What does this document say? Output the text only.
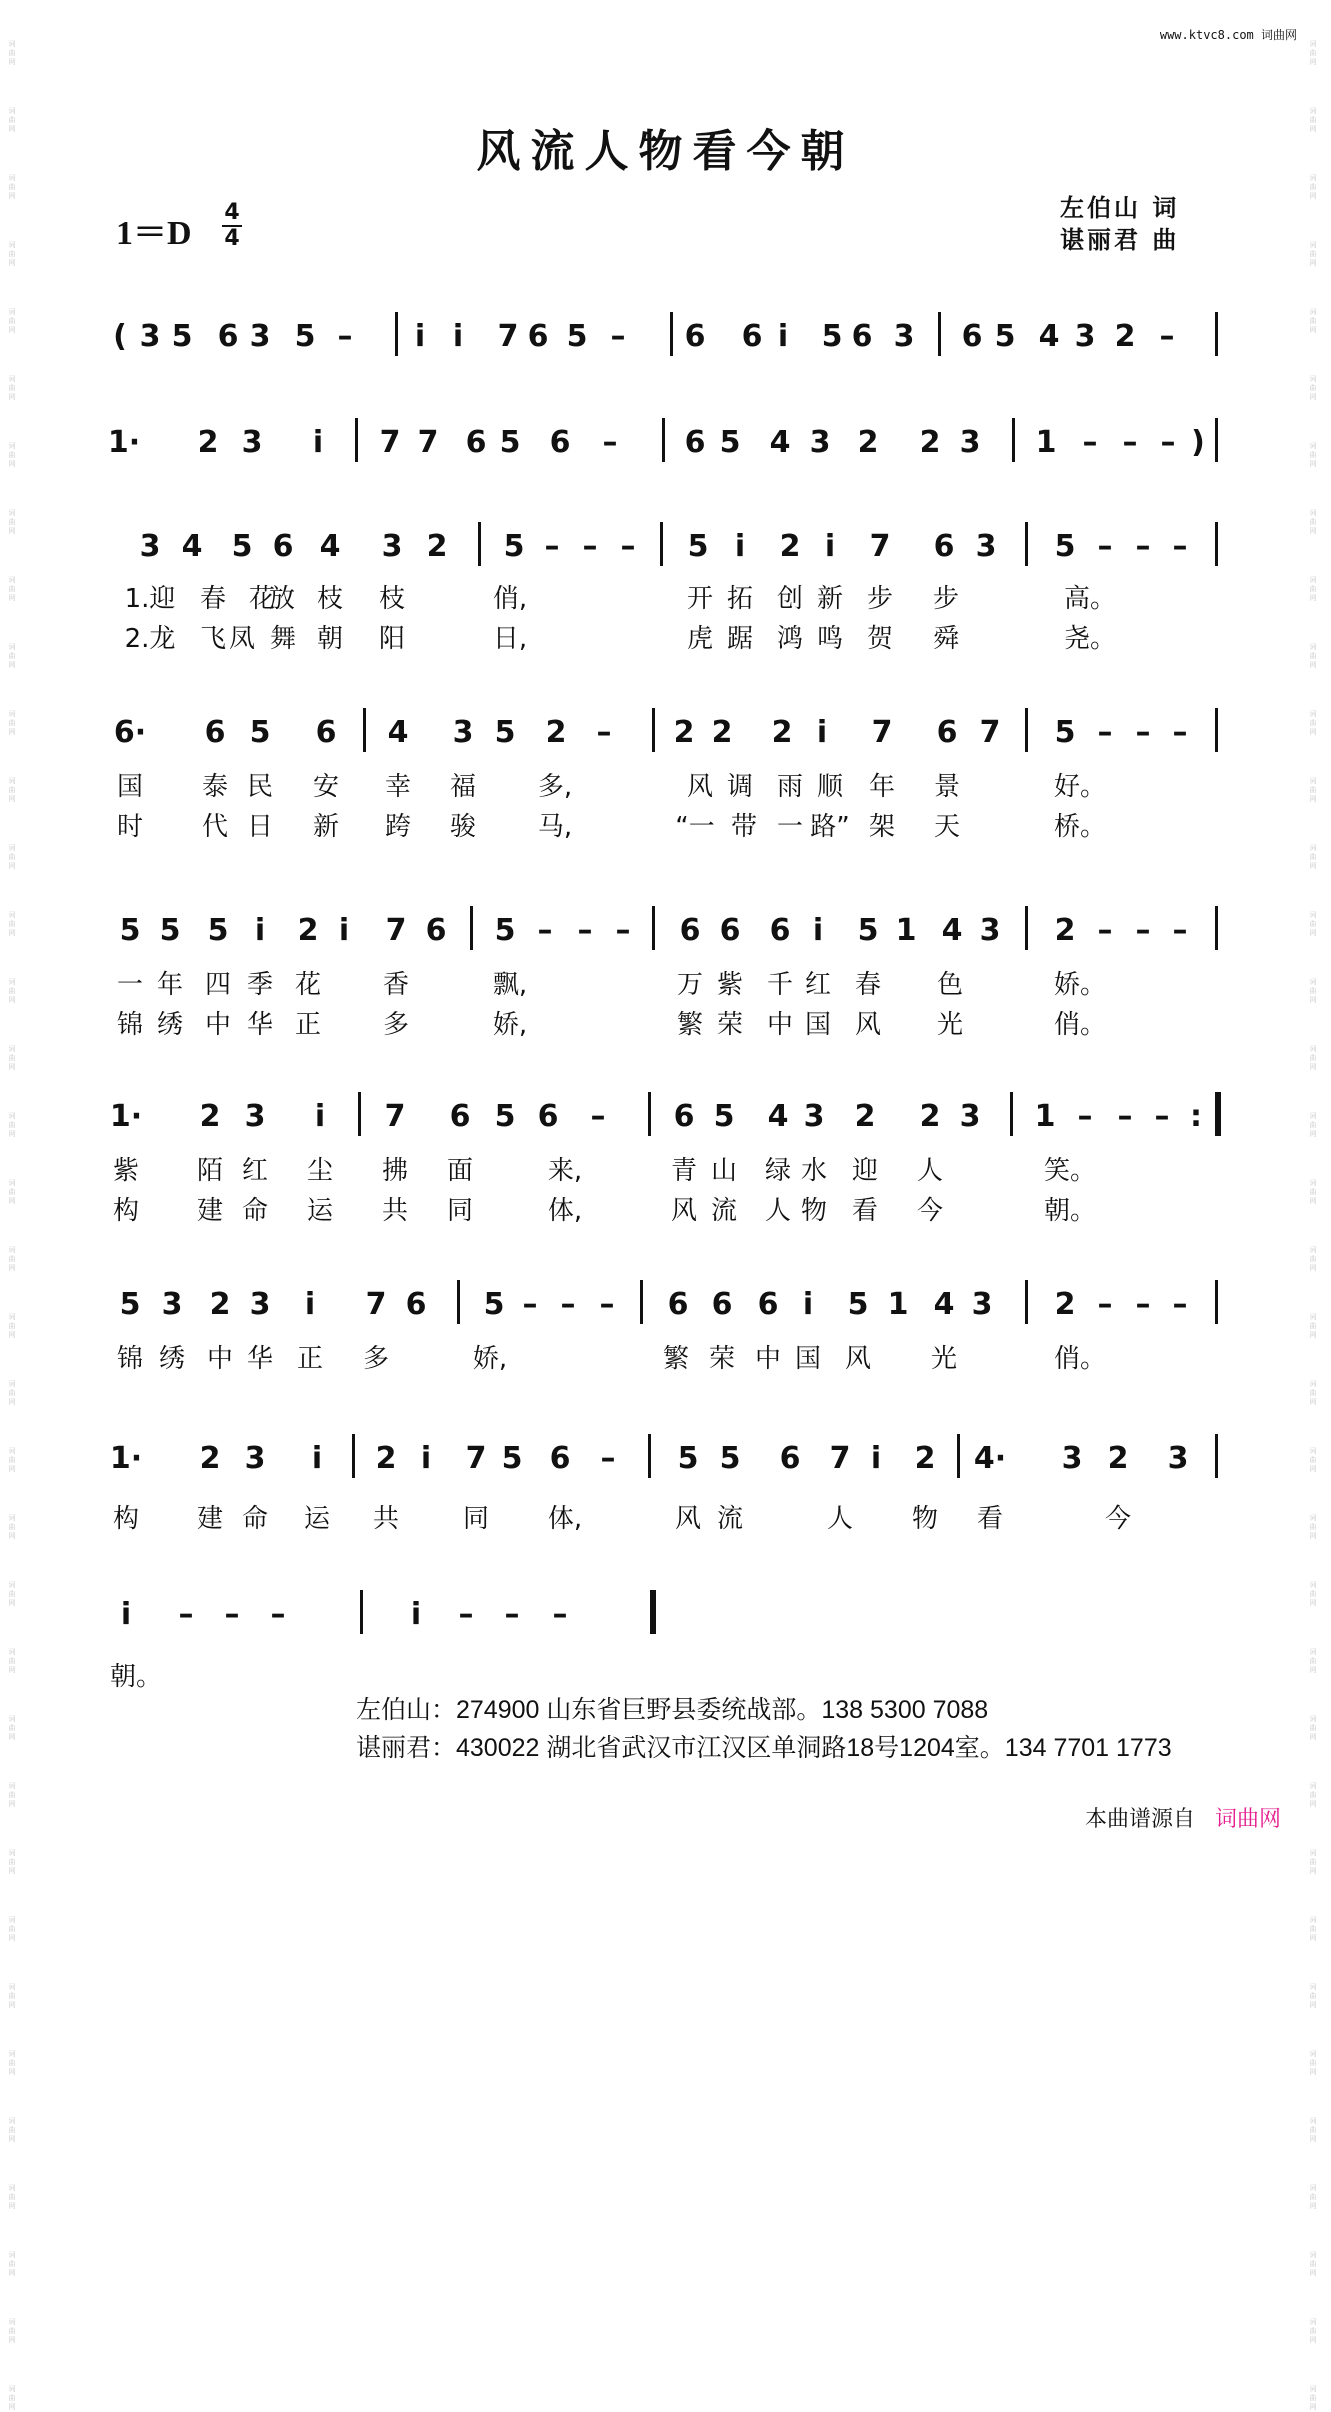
词曲网
词曲网
词曲网
词曲网
词曲网
词曲网
词曲网
词曲网
词曲网
词曲网
词曲网
词曲网
词曲网
词曲网
词曲网
词曲网
词曲网
词曲网
词曲网
词曲网
词曲网
词曲网
词曲网
词曲网
词曲网
词曲网
词曲网
词曲网
词曲网
词曲网
词曲网
词曲网
词曲网
词曲网
词曲网
词曲网
词曲网
词曲网
词曲网
词曲网
词曲网
词曲网
词曲网
词曲网
词曲网
词曲网
词曲网
词曲网
词曲网
词曲网
词曲网
词曲网
词曲网
词曲网
词曲网
词曲网
词曲网
词曲网
词曲网
词曲网
词曲网
词曲网
词曲网
词曲网
词曲网
词曲网
词曲网
词曲网
词曲网
词曲网
词曲网
词曲网
www.ktvc8.com 词曲网
风流人物看今朝
1＝D
4
4
左伯山 词
谌丽君 曲
( 3 5 6 3 5 – i i 7 6 5 – 6 6 i 5 6 3 6 5 4 3 2 –
1· 2 3 i 7 7 6 5 6 – 6 5 4 3 2 2 3 1 – – – )
3 4 5 6 4 3 2 5 – – – 5 i 2 i 7 6 3 5 – – –
6· 6 5 6 4 3 5 2 – 2 2 2 i 7 6 7 5 – – –
5 5 5 i 2 i 7 6 5 – – – 6 6 6 i 5 1 4 3 2 – – –
1· 2 3 i 7 6 5 6 – 6 5 4 3 2 2 3 1 – – – :
5 3 2 3 i 7 6 5 – – – 6 6 6 i 5 1 4 3 2 – – –
1· 2 3 i 2 i 7 5 6 – 5 5 6 7 i 2 4· 3 2 3
i – – –	i – – –
1.迎 春 花
放 枝 枝	俏,	开 拓 创 新 步 步	高。
2.龙 飞 凤 舞 朝 阳	日,	虎 踞 鸿 鸣 贺 舜	尧。
国 泰 民 安 幸 福 多,	风 调 雨 顺 年 景	好。
时 代 日 新 跨 骏 马,	“一 带 一 路” 架 天	桥。
一 年 四 季 花 香	飘,	万 紫 千 红 春 色	娇。
锦 绣 中 华 正 多	娇,	繁 荣 中 国 风 光	俏。
紫 陌 红 尘 拂 面	来,	青 山 绿 水 迎 人	笑。
构 建 命 运 共 同	体,	风 流 人 物 看 今	朝。
锦 绣 中 华 正 多	娇,	繁 荣 中 国 风 光	俏。
构 建 命 运 共 同 体,	风 流	人 物 看	今
朝。
左伯山：274900 山东省巨野县委统战部。138 5300 7088
谌丽君：430022 湖北省武汉市江汉区单洞路18号1204室。134 7701 1773
本曲谱源自 词曲网
